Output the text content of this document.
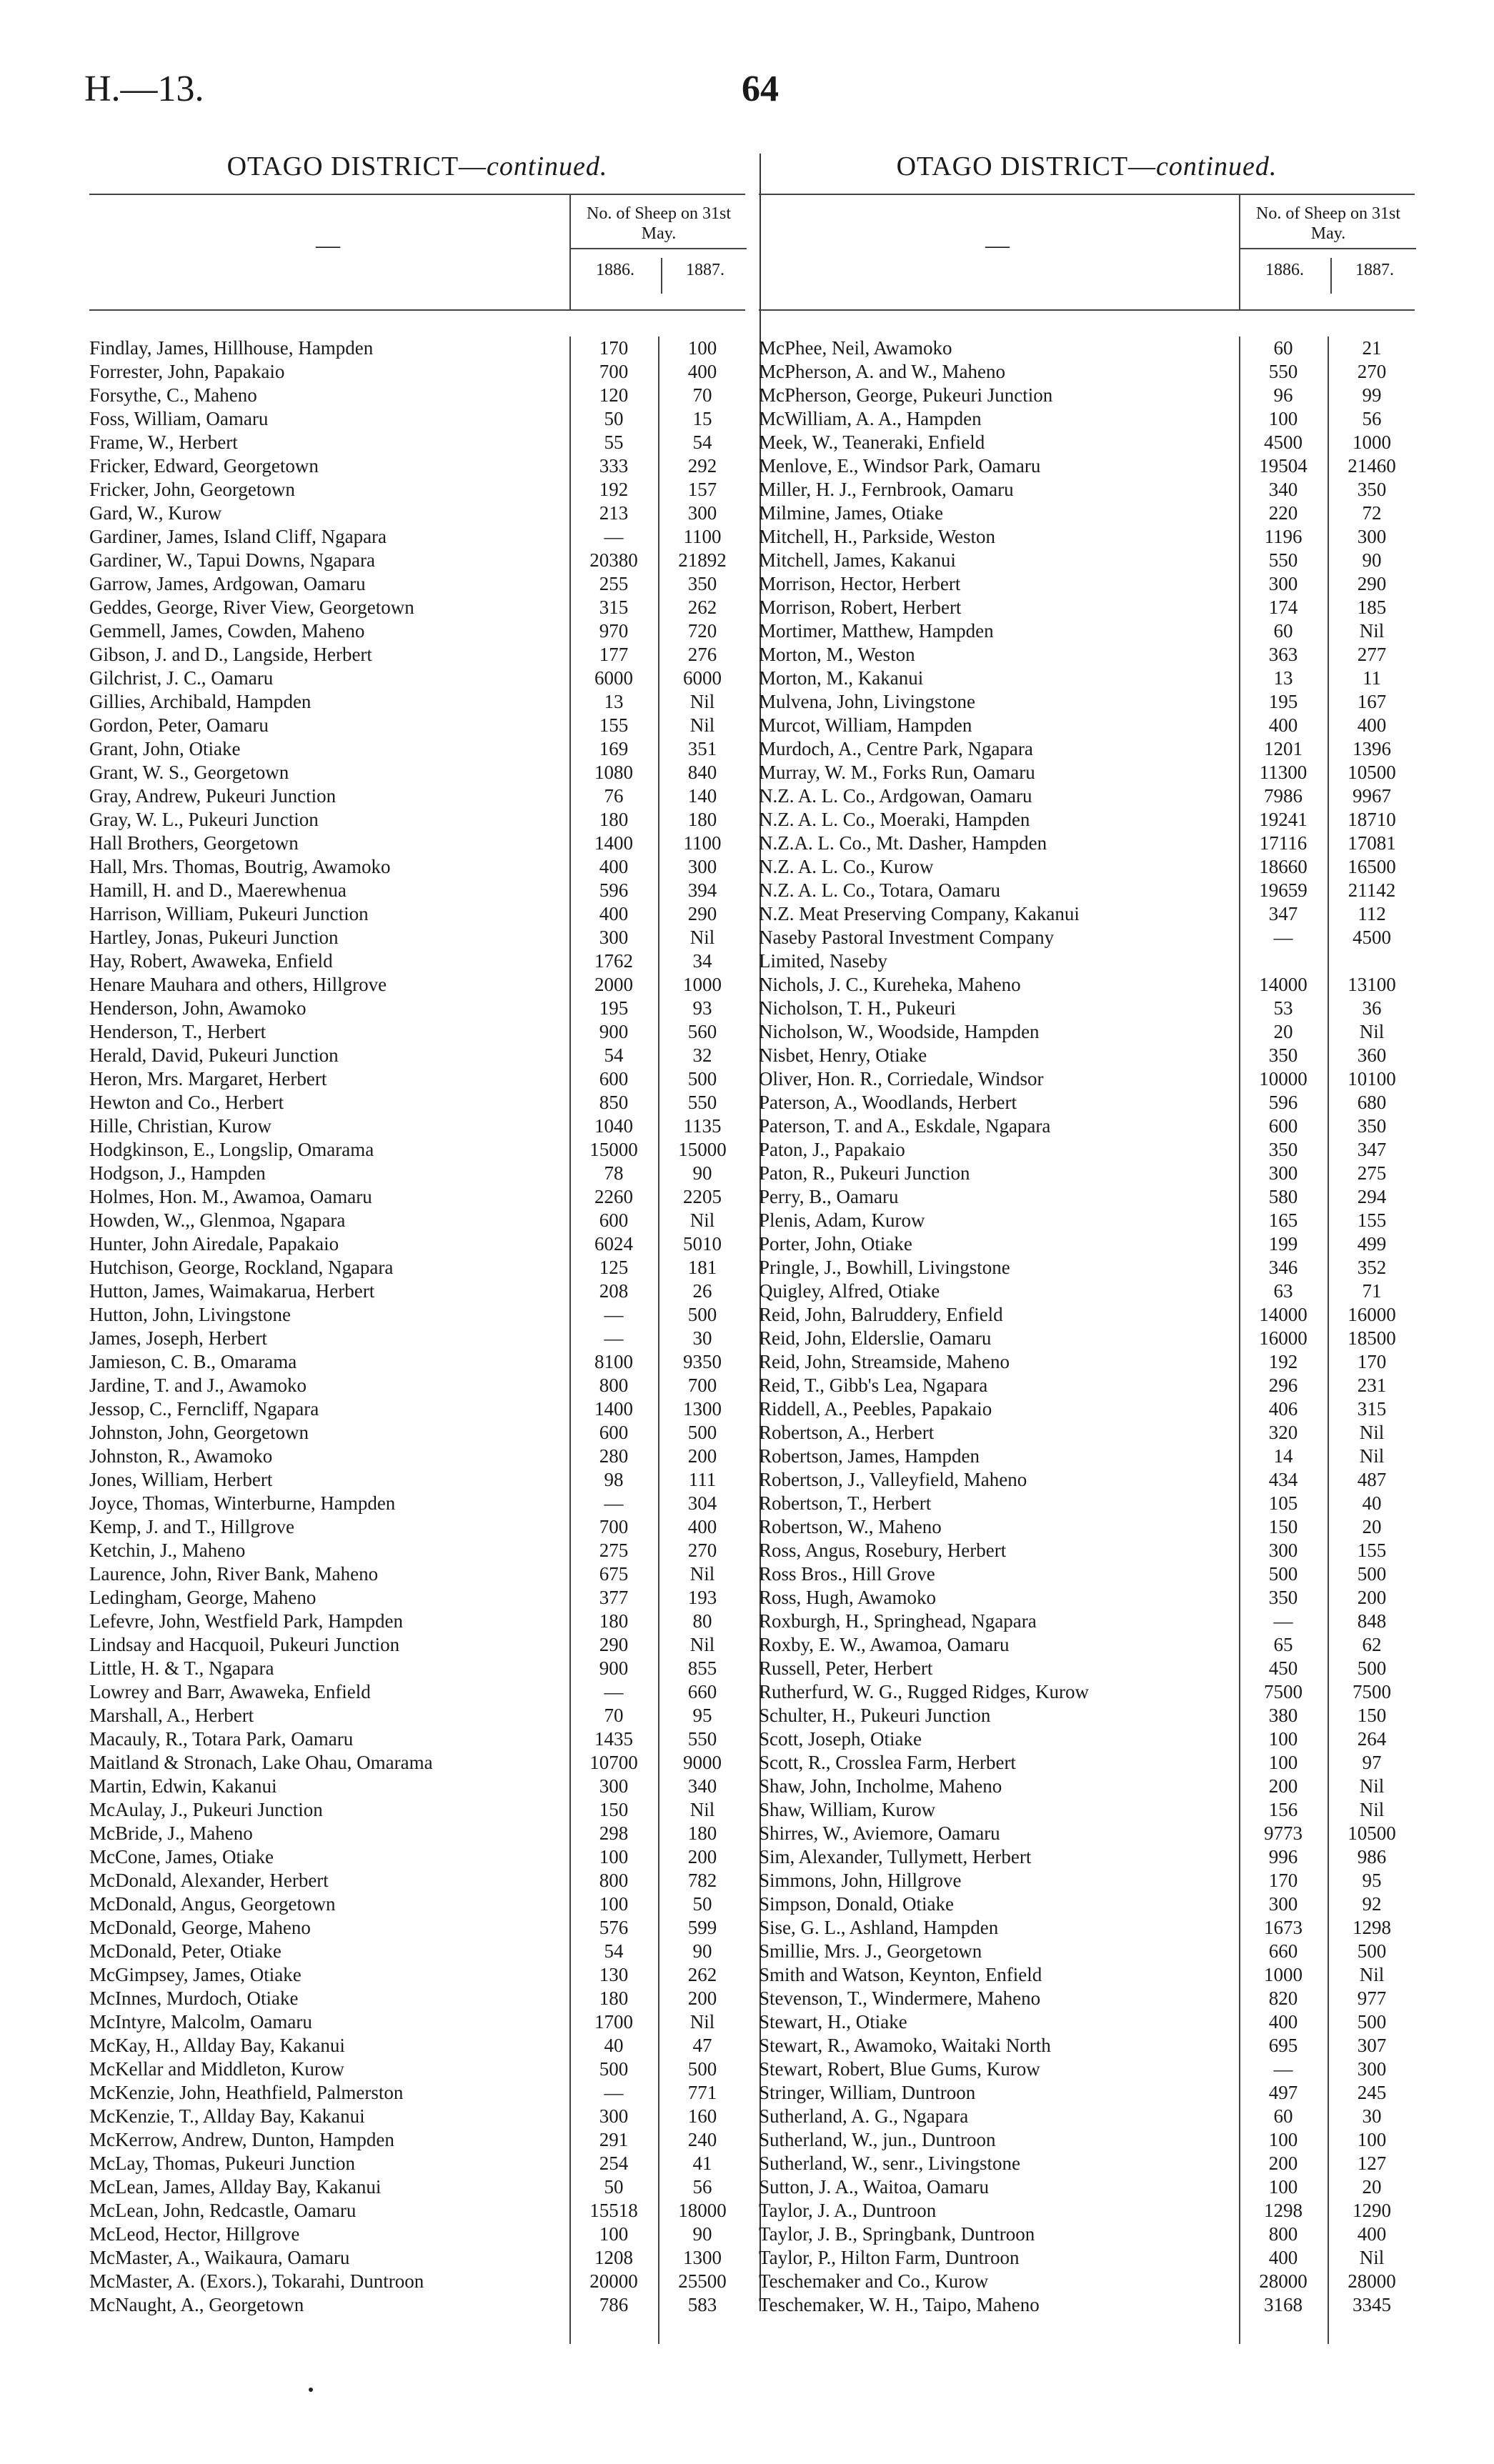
H.—13.	64
OTAGO DISTRICT—continued.
—
No. of Sheep on 31st May.
1886.	1887.
Findlay, James, Hillhouse, Hampden	170	100
Forrester, John, Papakaio	700	400
Forsythe, C., Maheno	120	70
Foss, William, Oamaru	50	15
Frame, W., Herbert	55	54
Fricker, Edward, Georgetown	333	292
Fricker, John, Georgetown	192	157
Gard, W., Kurow	213	300
Gardiner, James, Island Cliff, Ngapara	—	1100
Gardiner, W., Tapui Downs, Ngapara	20380	21892
Garrow, James, Ardgowan, Oamaru	255	350
Geddes, George, River View, Georgetown	315	262
Gemmell, James, Cowden, Maheno	970	720
Gibson, J. and D., Langside, Herbert	177	276
Gilchrist, J. C., Oamaru	6000	6000
Gillies, Archibald, Hampden	13	Nil
Gordon, Peter, Oamaru	155	Nil
Grant, John, Otiake	169	351
Grant, W. S., Georgetown	1080	840
Gray, Andrew, Pukeuri Junction	76	140
Gray, W. L., Pukeuri Junction	180	180
Hall Brothers, Georgetown	1400	1100
Hall, Mrs. Thomas, Boutrig, Awamoko	400	300
Hamill, H. and D., Maerewhenua	596	394
Harrison, William, Pukeuri Junction	400	290
Hartley, Jonas, Pukeuri Junction	300	Nil
Hay, Robert, Awaweka, Enfield	1762	34
Henare Mauhara and others, Hillgrove	2000	1000
Henderson, John, Awamoko	195	93
Henderson, T., Herbert	900	560
Herald, David, Pukeuri Junction	54	32
Heron, Mrs. Margaret, Herbert	600	500
Hewton and Co., Herbert	850	550
Hille, Christian, Kurow	1040	1135
Hodgkinson, E., Longslip, Omarama	15000	15000
Hodgson, J., Hampden	78	90
Holmes, Hon. M., Awamoa, Oamaru	2260	2205
Howden, W.,, Glenmoa, Ngapara	600	Nil
Hunter, John Airedale, Papakaio	6024	5010
Hutchison, George, Rockland, Ngapara	125	181
Hutton, James, Waimakarua, Herbert	208	26
Hutton, John, Livingstone	—	500
James, Joseph, Herbert	—	30
Jamieson, C. B., Omarama	8100	9350
Jardine, T. and J., Awamoko	800	700
Jessop, C., Ferncliff, Ngapara	1400	1300
Johnston, John, Georgetown	600	500
Johnston, R., Awamoko	280	200
Jones, William, Herbert	98	111
Joyce, Thomas, Winterburne, Hampden	—	304
Kemp, J. and T., Hillgrove	700	400
Ketchin, J., Maheno	275	270
Laurence, John, River Bank, Maheno	675	Nil
Ledingham, George, Maheno	377	193
Lefevre, John, Westfield Park, Hampden	180	80
Lindsay and Hacquoil, Pukeuri Junction	290	Nil
Little, H. & T., Ngapara	900	855
Lowrey and Barr, Awaweka, Enfield	—	660
Marshall, A., Herbert	70	95
Macauly, R., Totara Park, Oamaru	1435	550
Maitland & Stronach, Lake Ohau, Omarama	10700	9000
Martin, Edwin, Kakanui	300	340
McAulay, J., Pukeuri Junction	150	Nil
McBride, J., Maheno	298	180
McCone, James, Otiake	100	200
McDonald, Alexander, Herbert	800	782
McDonald, Angus, Georgetown	100	50
McDonald, George, Maheno	576	599
McDonald, Peter, Otiake	54	90
McGimpsey, James, Otiake	130	262
McInnes, Murdoch, Otiake	180	200
McIntyre, Malcolm, Oamaru	1700	Nil
McKay, H., Allday Bay, Kakanui	40	47
McKellar and Middleton, Kurow	500	500
McKenzie, John, Heathfield, Palmerston	—	771
McKenzie, T., Allday Bay, Kakanui	300	160
McKerrow, Andrew, Dunton, Hampden	291	240
McLay, Thomas, Pukeuri Junction	254	41
McLean, James, Allday Bay, Kakanui	50	56
McLean, John, Redcastle, Oamaru	15518	18000
McLeod, Hector, Hillgrove	100	90
McMaster, A., Waikaura, Oamaru	1208	1300
McMaster, A. (Exors.), Tokarahi, Duntroon	20000	25500
McNaught, A., Georgetown	786	583
OTAGO DISTRICT—continued.
—
No. of Sheep on 31st May.
1886.	1887.
McPhee, Neil, Awamoko	60	21
McPherson, A. and W., Maheno	550	270
McPherson, George, Pukeuri Junction	96	99
McWilliam, A. A., Hampden	100	56
Meek, W., Teaneraki, Enfield	4500	1000
Menlove, E., Windsor Park, Oamaru	19504	21460
Miller, H. J., Fernbrook, Oamaru	340	350
Milmine, James, Otiake	220	72
Mitchell, H., Parkside, Weston	1196	300
Mitchell, James, Kakanui	550	90
Morrison, Hector, Herbert	300	290
Morrison, Robert, Herbert	174	185
Mortimer, Matthew, Hampden	60	Nil
Morton, M., Weston	363	277
Morton, M., Kakanui	13	11
Mulvena, John, Livingstone	195	167
Murcot, William, Hampden	400	400
Murdoch, A., Centre Park, Ngapara	1201	1396
Murray, W. M., Forks Run, Oamaru	11300	10500
N.Z. A. L. Co., Ardgowan, Oamaru	7986	9967
N.Z. A. L. Co., Moeraki, Hampden	19241	18710
N.Z.A. L. Co., Mt. Dasher, Hampden	17116	17081
N.Z. A. L. Co., Kurow	18660	16500
N.Z. A. L. Co., Totara, Oamaru	19659	21142
N.Z. Meat Preserving Company, Kakanui	347	112
Naseby Pastoral Investment Company	—	4500
Limited, Naseby
Nichols, J. C., Kureheka, Maheno	14000	13100
Nicholson, T. H., Pukeuri	53	36
Nicholson, W., Woodside, Hampden	20	Nil
Nisbet, Henry, Otiake	350	360
Oliver, Hon. R., Corriedale, Windsor	10000	10100
Paterson, A., Woodlands, Herbert	596	680
Paterson, T. and A., Eskdale, Ngapara	600	350
Paton, J., Papakaio	350	347
Paton, R., Pukeuri Junction	300	275
Perry, B., Oamaru	580	294
Plenis, Adam, Kurow	165	155
Porter, John, Otiake	199	499
Pringle, J., Bowhill, Livingstone	346	352
Quigley, Alfred, Otiake	63	71
Reid, John, Balruddery, Enfield	14000	16000
Reid, John, Elderslie, Oamaru	16000	18500
Reid, John, Streamside, Maheno	192	170
Reid, T., Gibb's Lea, Ngapara	296	231
Riddell, A., Peebles, Papakaio	406	315
Robertson, A., Herbert	320	Nil
Robertson, James, Hampden	14	Nil
Robertson, J., Valleyfield, Maheno	434	487
Robertson, T., Herbert	105	40
Robertson, W., Maheno	150	20
Ross, Angus, Rosebury, Herbert	300	155
Ross Bros., Hill Grove	500	500
Ross, Hugh, Awamoko	350	200
Roxburgh, H., Springhead, Ngapara	—	848
Roxby, E. W., Awamoa, Oamaru	65	62
Russell, Peter, Herbert	450	500
Rutherfurd, W. G., Rugged Ridges, Kurow	7500	7500
Schulter, H., Pukeuri Junction	380	150
Scott, Joseph, Otiake	100	264
Scott, R., Crosslea Farm, Herbert	100	97
Shaw, John, Incholme, Maheno	200	Nil
Shaw, William, Kurow	156	Nil
Shirres, W., Aviemore, Oamaru	9773	10500
Sim, Alexander, Tullymett, Herbert	996	986
Simmons, John, Hillgrove	170	95
Simpson, Donald, Otiake	300	92
Sise, G. L., Ashland, Hampden	1673	1298
Smillie, Mrs. J., Georgetown	660	500
Smith and Watson, Keynton, Enfield	1000	Nil
Stevenson, T., Windermere, Maheno	820	977
Stewart, H., Otiake	400	500
Stewart, R., Awamoko, Waitaki North	695	307
Stewart, Robert, Blue Gums, Kurow	—	300
Stringer, William, Duntroon	497	245
Sutherland, A. G., Ngapara	60	30
Sutherland, W., jun., Duntroon	100	100
Sutherland, W., senr., Livingstone	200	127
Sutton, J. A., Waitoa, Oamaru	100	20
Taylor, J. A., Duntroon	1298	1290
Taylor, J. B., Springbank, Duntroon	800	400
Taylor, P., Hilton Farm, Duntroon	400	Nil
Teschemaker and Co., Kurow	28000	28000
Teschemaker, W. H., Taipo, Maheno	3168	3345
